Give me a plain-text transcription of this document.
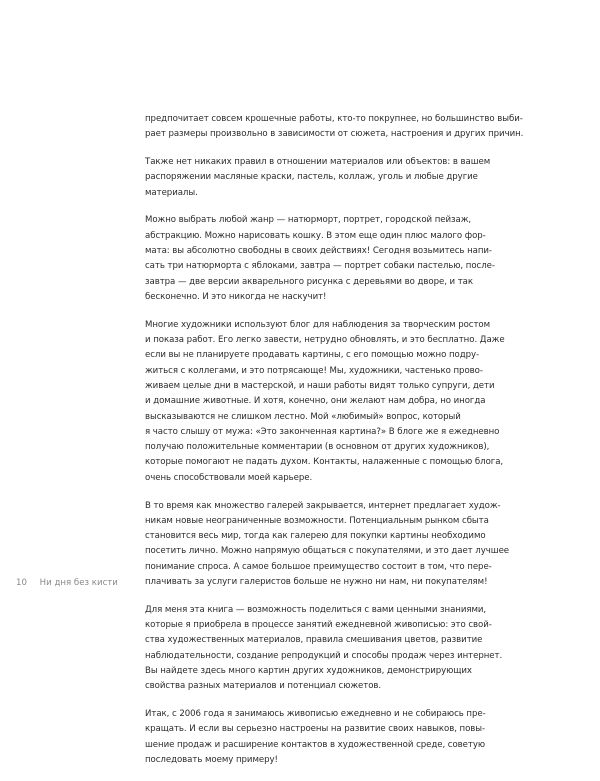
предпочитает совсем крошечные работы, кто-то покрупнее, но большинство выби-
рает размеры произвольно в зависимости от сюжета, настроения и других причин.
Также нет никаких правил в отношении материалов или объектов: в вашем
распоряжении масляные краски, пастель, коллаж, уголь и любые другие
материалы.
Можно выбрать любой жанр — натюрморт, портрет, городской пейзаж,
абстракцию. Можно нарисовать кошку. В этом еще один плюс малого фор-
мата: вы абсолютно свободны в своих действиях! Сегодня возьмитесь напи-
сать три натюрморта с яблоками, завтра — портрет собаки пастелью, после-
завтра — две версии акварельного рисунка с деревьями во дворе, и так
бесконечно. И это никогда не наскучит!
Многие художники используют блог для наблюдения за творческим ростом
и показа работ. Его легко завести, нетрудно обновлять, и это бесплатно. Даже
если вы не планируете продавать картины, с его помощью можно подру-
житься с коллегами, и это потрясающе! Мы, художники, частенько прово-
живаем целые дни в мастерской, и наши работы видят только супруги, дети
и домашние животные. И хотя, конечно, они желают нам добра, но иногда
высказываются не слишком лестно. Мой «любимый» вопрос, который
я часто слышу от мужа: «Это законченная картина?» В блоге же я ежедневно
получаю положительные комментарии (в основном от других художников),
которые помогают не падать духом. Контакты, налаженные с помощью блога,
очень способствовали моей карьере.
В то время как множество галерей закрывается, интернет предлагает худож-
никам новые неограниченные возможности. Потенциальным рынком сбыта
становится весь мир, тогда как галерею для покупки картины необходимо
посетить лично. Можно напрямую общаться с покупателями, и это дает лучшее
понимание спроса. А самое большое преимущество состоит в том, что пере-
плачивать за услуги галеристов больше не нужно ни нам, ни покупателям!
Для меня эта книга — возможность поделиться с вами ценными знаниями,
которые я приобрела в процессе занятий ежедневной живописью: это свой-
ства художественных материалов, правила смешивания цветов, развитие
наблюдательности, создание репродукций и способы продаж через интернет.
Вы найдете здесь много картин других художников, демонстрирующих
свойства разных материалов и потенциал сюжетов.
Итак, с 2006 года я занимаюсь живописью ежедневно и не собираюсь пре-
кращать. И если вы серьезно настроены на развитие своих навыков, повы-
шение продаж и расширение контактов в художественной среде, советую
последовать моему примеру!
10 Ни дня без кисти
